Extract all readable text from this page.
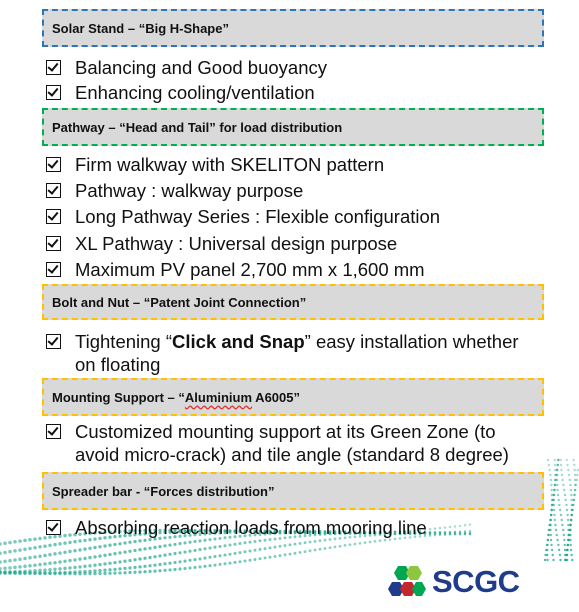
Solar Stand – “Big H-Shape”
Balancing and Good buoyancy
Enhancing cooling/ventilation
Pathway – “Head and Tail” for load distribution
Firm walkway with SKELITON pattern
Pathway : walkway purpose
Long Pathway Series : Flexible configuration
XL Pathway : Universal design purpose
Maximum PV panel 2,700 mm x 1,600 mm
Bolt and Nut – “Patent Joint Connection”
Tightening “Click and Snap” easy installation whether
on floating
Mounting Support – “Aluminium A6005”
Customized mounting support at its Green Zone (to
avoid micro-crack) and tile angle (standard 8 degree)
Spreader bar - “Forces distribution”
Absorbing reaction loads from mooring line
SCGC
